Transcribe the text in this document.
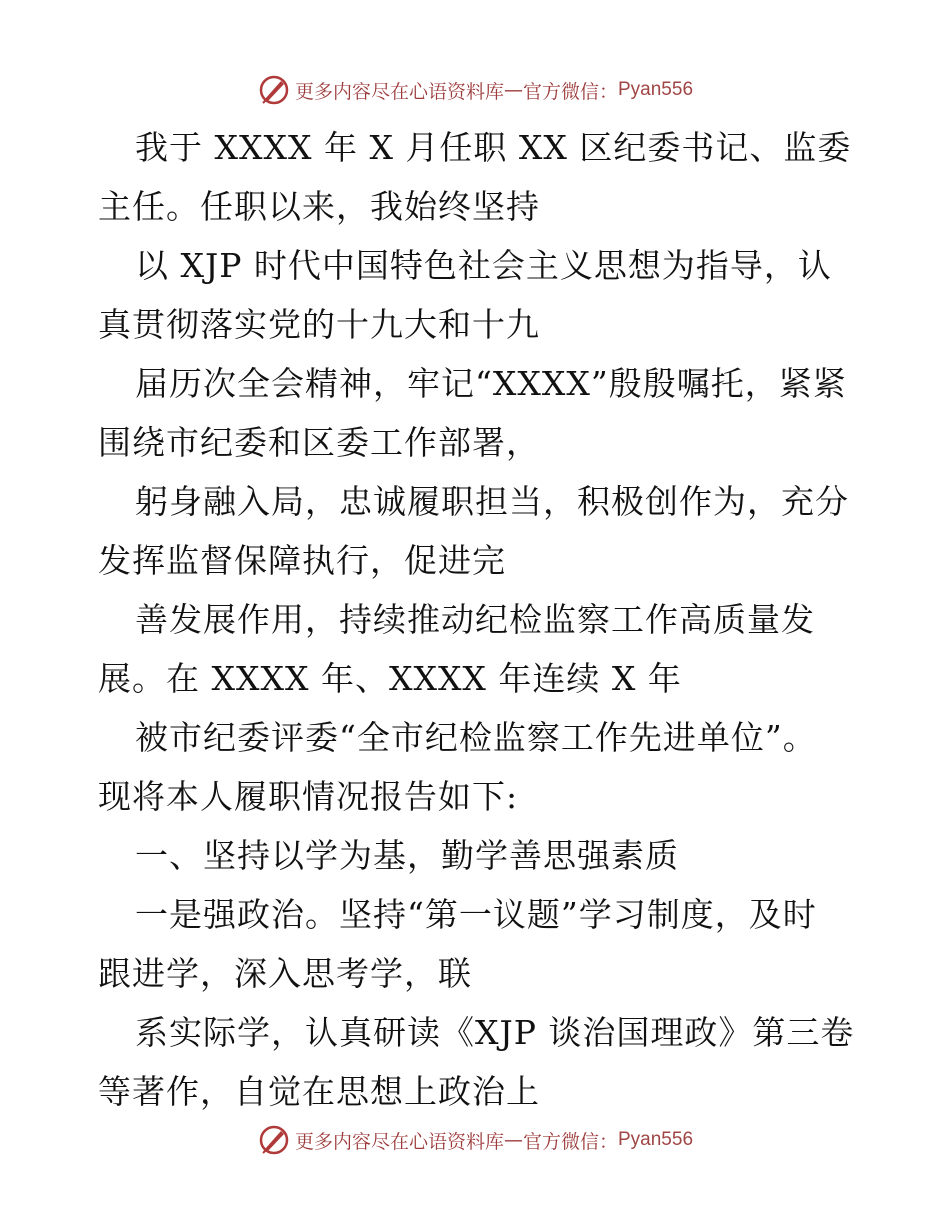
更多内容尽在心语资料库 — 官方微信： Pyan556
我于 XXXX 年 X 月任职 XX 区纪委书记、监委
主任。任职以来，我始终坚持
以 XJP 时代中国特色社会主义思想为指导，认
真贯彻落实党的十九大和十九
届历次全会精神，牢记“XXXX”殷殷嘱托，紧紧
围绕市纪委和区委工作部署，
躬身融入局，忠诚履职担当，积极创作为，充分
发挥监督保障执行，促进完
善发展作用，持续推动纪检监察工作高质量发
展。在 XXXX 年、XXXX 年连续 X 年
被市纪委评委“全市纪检监察工作先进单位”。
现将本人履职情况报告如下:
一、坚持以学为基，勤学善思强素质
一是强政治。坚持“第一议题”学习制度，及时
跟进学，深入思考学，联
系实际学，认真研读《XJP 谈治国理政》第三卷
等著作，自觉在思想上政治上
更多内容尽在心语资料库 — 官方微信： Pyan556
